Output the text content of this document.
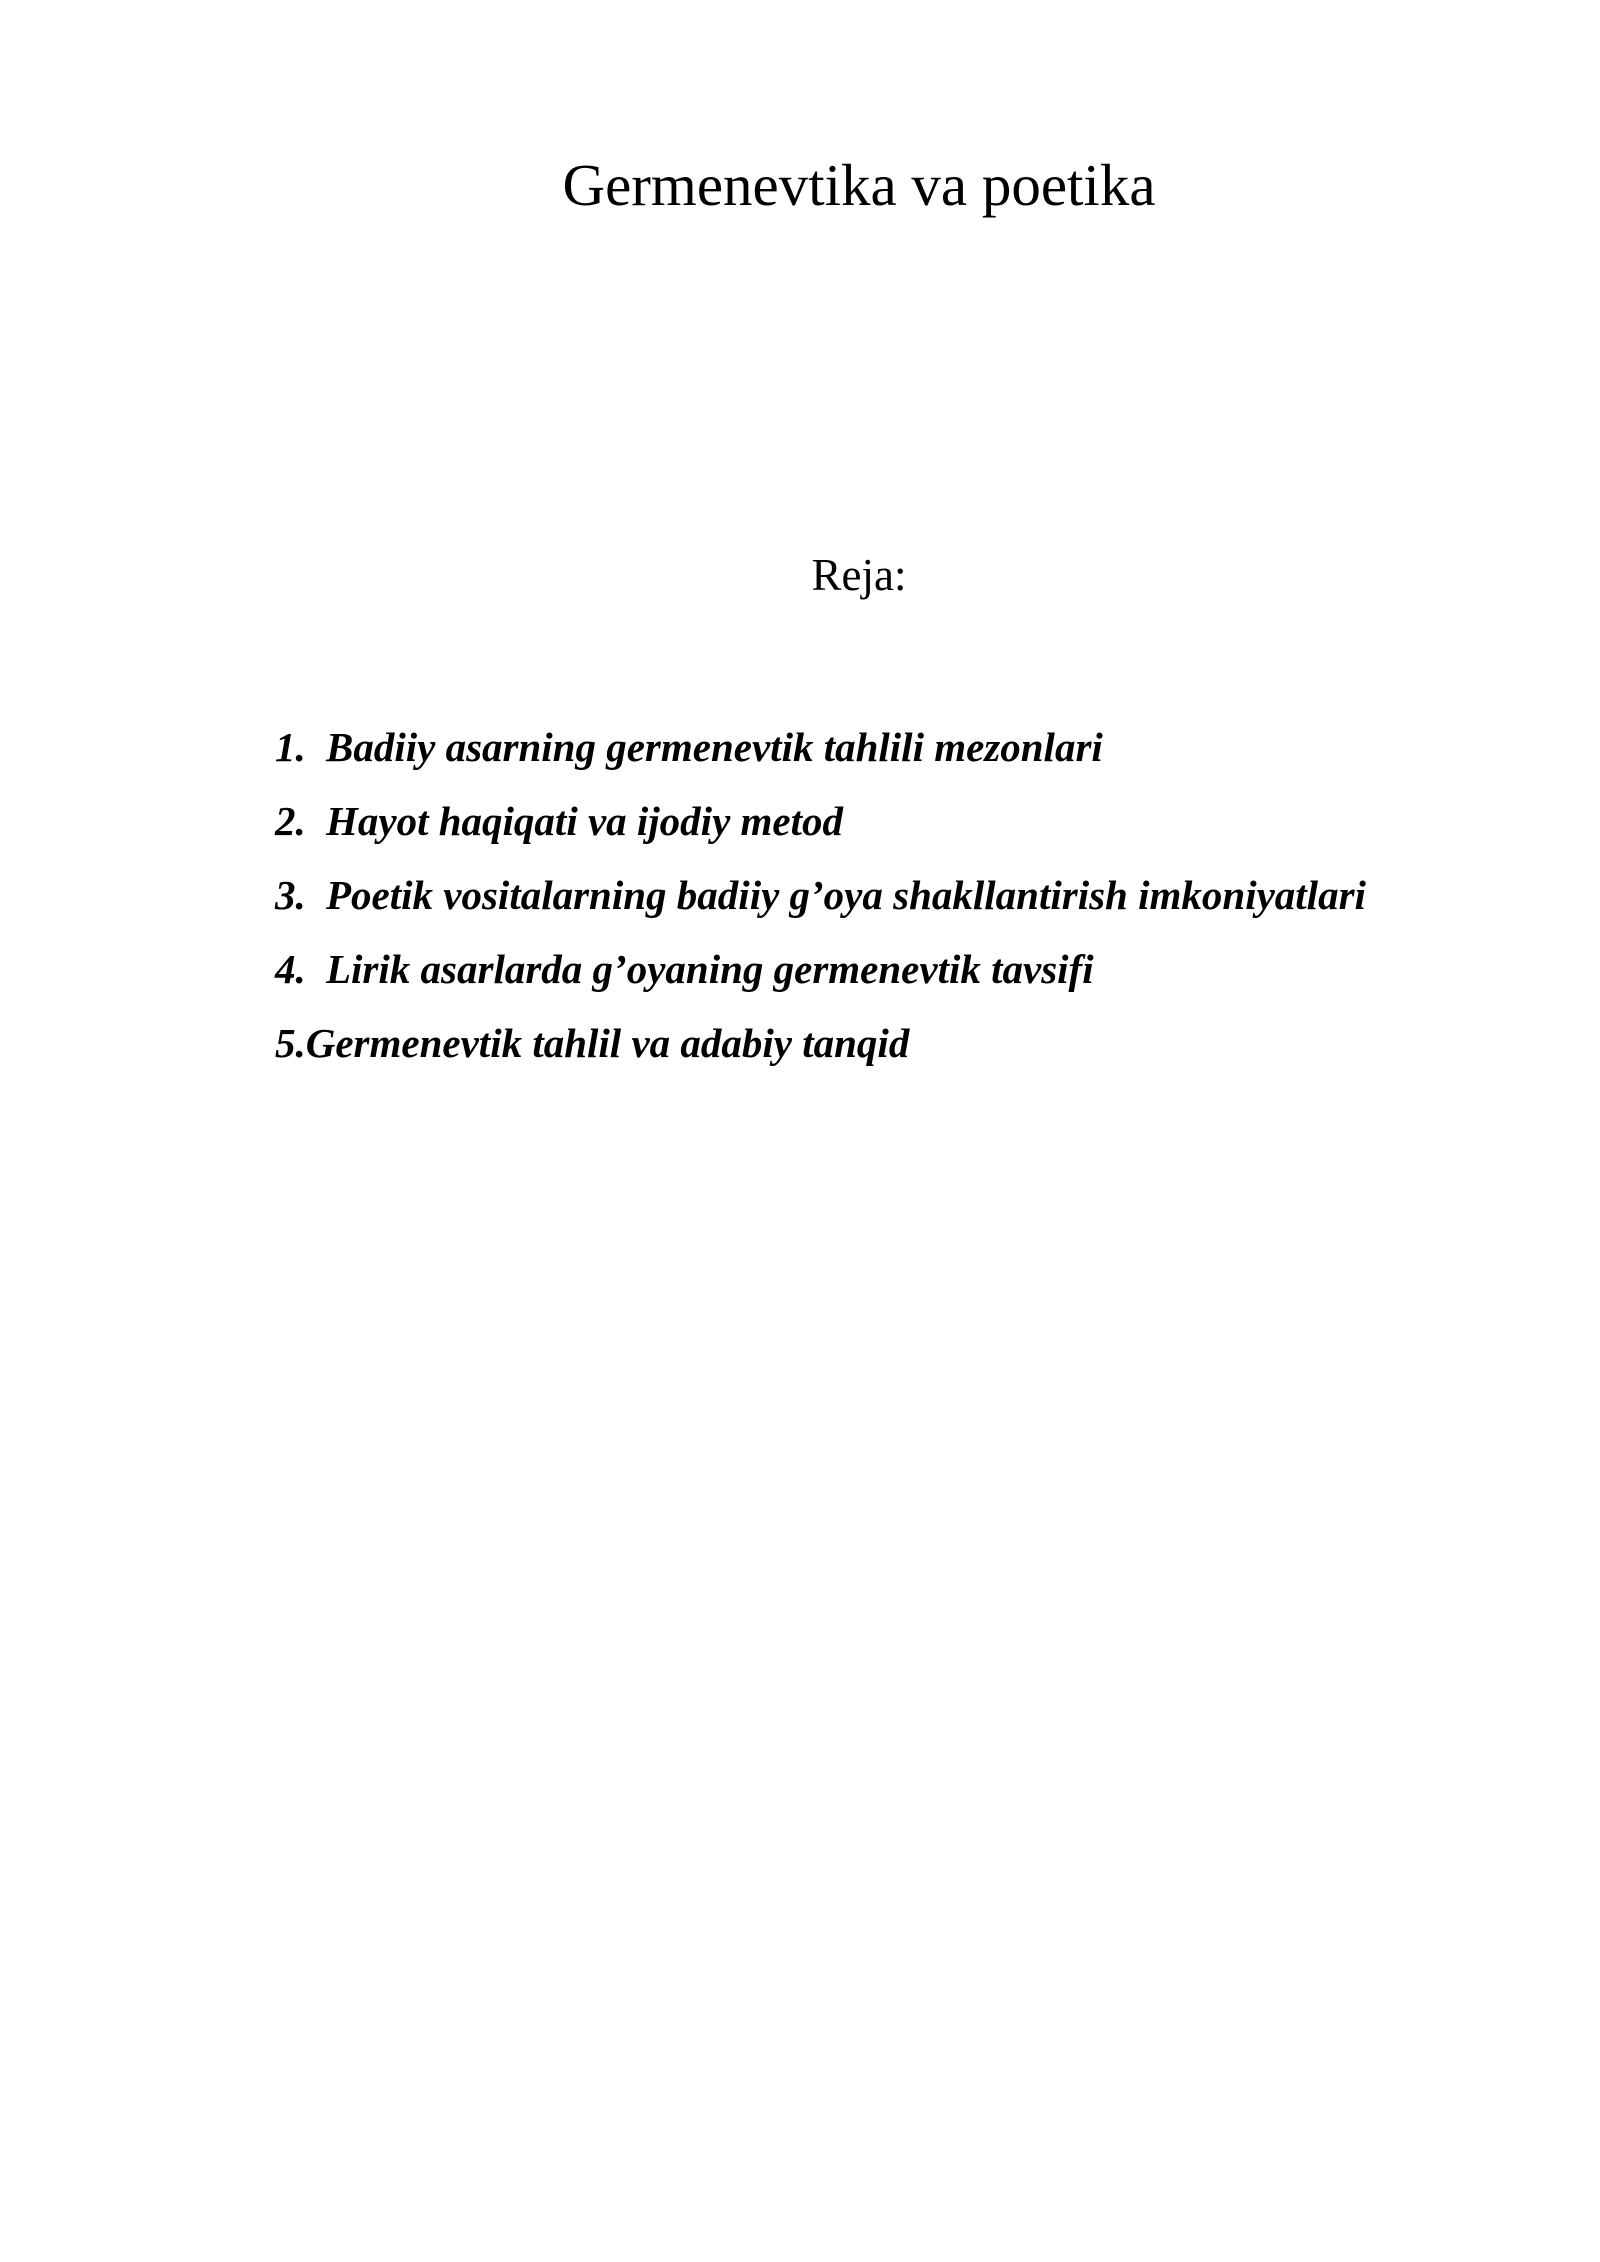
Germenevtika va poetika
Reja:
1. Badiiy asarning germenevtik tahlili mezonlari
2. Hayot haqiqati va ijodiy metod
3. Poetik vositalarning badiiy g’oya shakllantirish imkoniyatlari
4. Lirik asarlarda g’oyaning germenevtik tavsifi
5. Germenevtik tahlil va adabiy tanqid
